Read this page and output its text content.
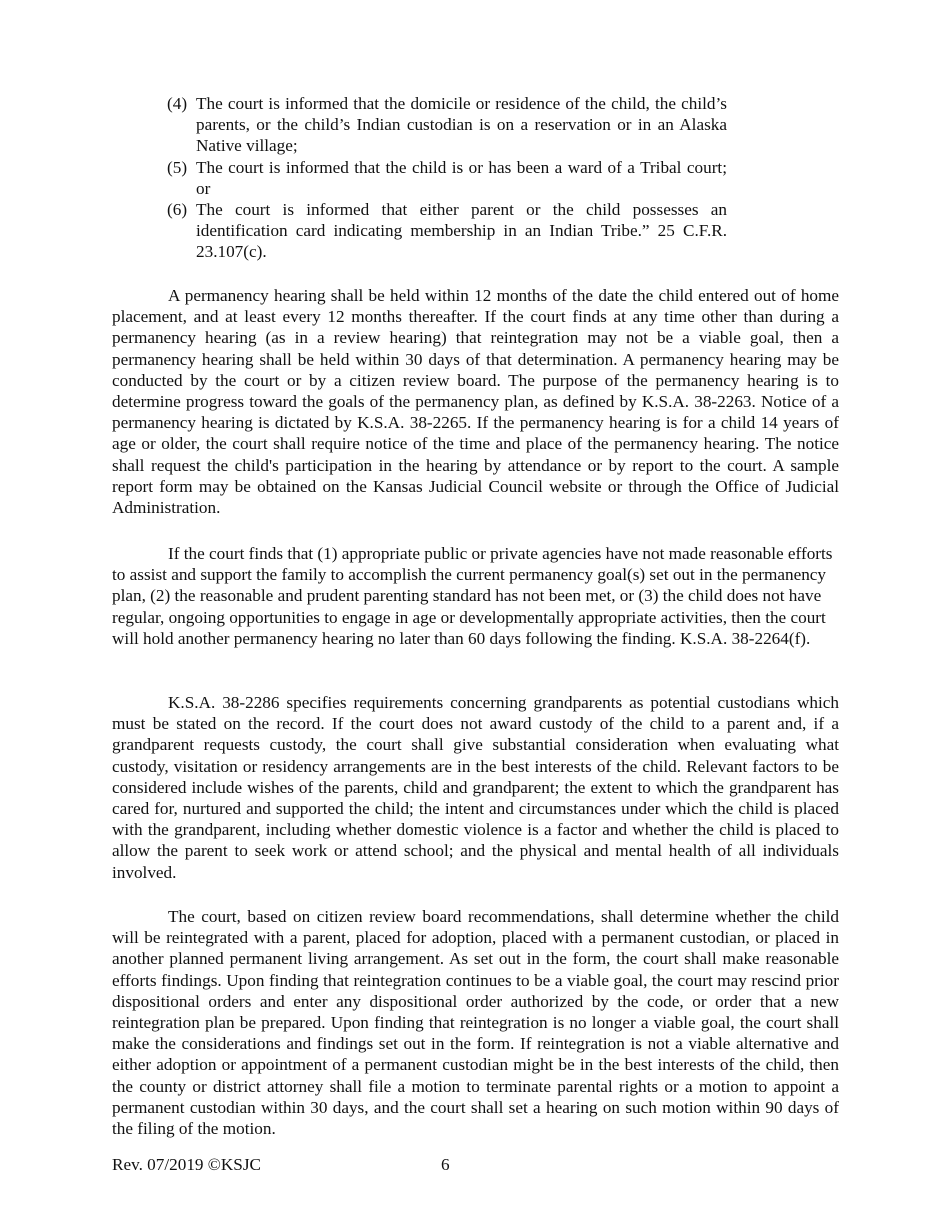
(4) The court is informed that the domicile or residence of the child, the child’s parents, or the child’s Indian custodian is on a reservation or in an Alaska Native village;
(5) The court is informed that the child is or has been a ward of a Tribal court; or
(6) The court is informed that either parent or the child possesses an identification card indicating membership in an Indian Tribe.” 25 C.F.R. 23.107(c).

A permanency hearing shall be held within 12 months of the date the child entered out of home placement, and at least every 12 months thereafter. If the court finds at any time other than during a permanency hearing (as in a review hearing) that reintegration may not be a viable goal, then a permanency hearing shall be held within 30 days of that determination. A permanency hearing may be conducted by the court or by a citizen review board. The purpose of the permanency hearing is to determine progress toward the goals of the permanency plan, as defined by K.S.A. 38-2263. Notice of a permanency hearing is dictated by K.S.A. 38-2265. If the permanency hearing is for a child 14 years of age or older, the court shall require notice of the time and place of the permanency hearing. The notice shall request the child's participation in the hearing by attendance or by report to the court. A sample report form may be obtained on the Kansas Judicial Council website or through the Office of Judicial Administration.

If the court finds that (1) appropriate public or private agencies have not made reasonable efforts to assist and support the family to accomplish the current permanency goal(s) set out in the permanency plan, (2) the reasonable and prudent parenting standard has not been met, or (3) the child does not have regular, ongoing opportunities to engage in age or developmentally appropriate activities, then the court will hold another permanency hearing no later than 60 days following the finding. K.S.A. 38-2264(f).

K.S.A. 38-2286 specifies requirements concerning grandparents as potential custodians which must be stated on the record. If the court does not award custody of the child to a parent and, if a grandparent requests custody, the court shall give substantial consideration when evaluating what custody, visitation or residency arrangements are in the best interests of the child. Relevant factors to be considered include wishes of the parents, child and grandparent; the extent to which the grandparent has cared for, nurtured and supported the child; the intent and circumstances under which the child is placed with the grandparent, including whether domestic violence is a factor and whether the child is placed to allow the parent to seek work or attend school; and the physical and mental health of all individuals involved.

The court, based on citizen review board recommendations, shall determine whether the child will be reintegrated with a parent, placed for adoption, placed with a permanent custodian, or placed in another planned permanent living arrangement. As set out in the form, the court shall make reasonable efforts findings. Upon finding that reintegration continues to be a viable goal, the court may rescind prior dispositional orders and enter any dispositional order authorized by the code, or order that a new reintegration plan be prepared. Upon finding that reintegration is no longer a viable goal, the court shall make the considerations and findings set out in the form. If reintegration is not a viable alternative and either adoption or appointment of a permanent custodian might be in the best interests of the child, then the county or district attorney shall file a motion to terminate parental rights or a motion to appoint a permanent custodian within 30 days, and the court shall set a hearing on such motion within 90 days of the filing of the motion.

Rev. 07/2019 ©KSJC	6
